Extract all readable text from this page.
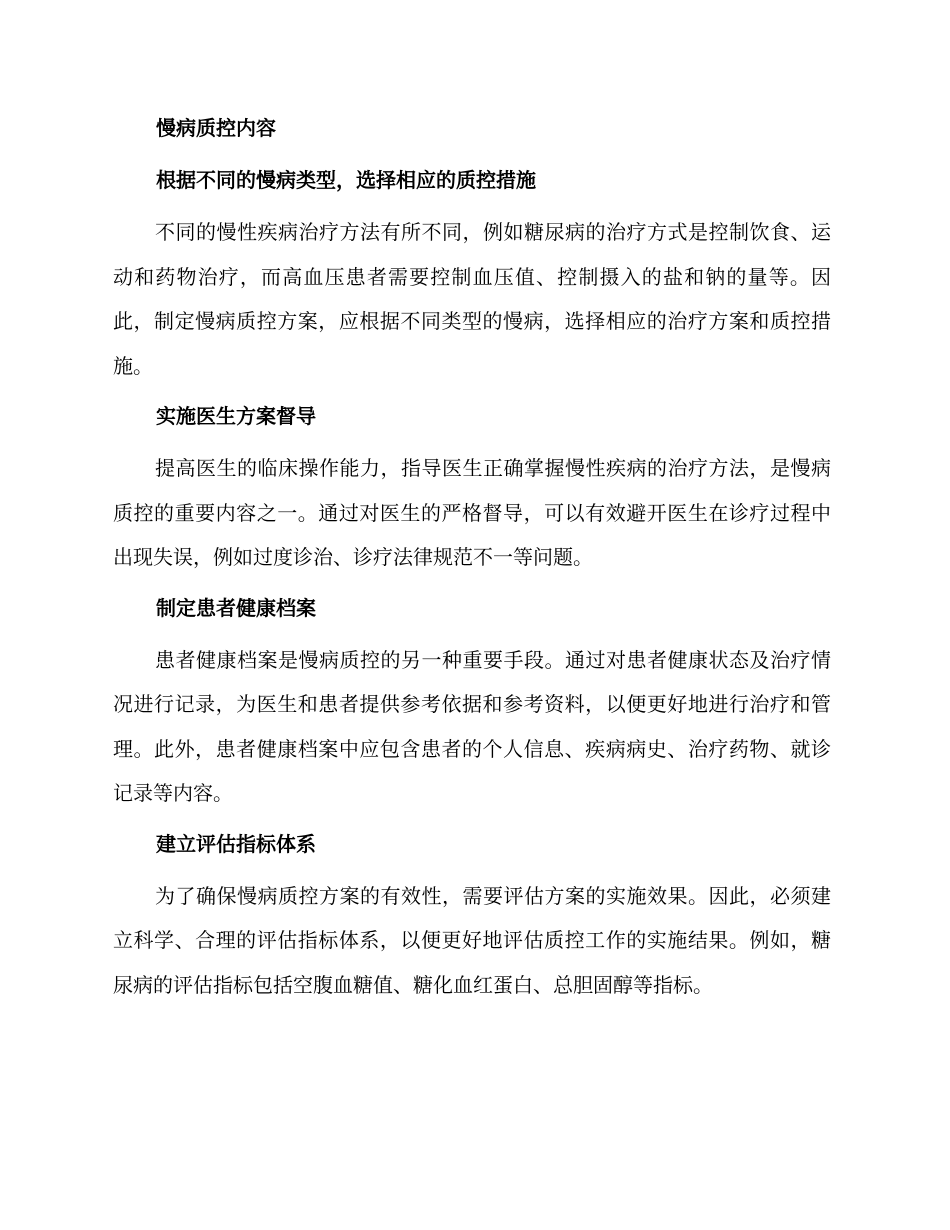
慢病质控内容
根据不同的慢病类型，选择相应的质控措施

不同的慢性疾病治疗方法有所不同，例如糖尿病的治疗方式是控制饮食、运动和药物治疗，而高血压患者需要控制血压值、控制摄入的盐和钠的量等。因此，制定慢病质控方案，应根据不同类型的慢病，选择相应的治疗方案和质控措施。

实施医生方案督导

提高医生的临床操作能力，指导医生正确掌握慢性疾病的治疗方法，是慢病质控的重要内容之一。通过对医生的严格督导，可以有效避开医生在诊疗过程中出现失误，例如过度诊治、诊疗法律规范不一等问题。

制定患者健康档案

患者健康档案是慢病质控的另一种重要手段。通过对患者健康状态及治疗情况进行记录，为医生和患者提供参考依据和参考资料，以便更好地进行治疗和管理。此外，患者健康档案中应包含患者的个人信息、疾病病史、治疗药物、就诊记录等内容。

建立评估指标体系

为了确保慢病质控方案的有效性，需要评估方案的实施效果。因此，必须建立科学、合理的评估指标体系，以便更好地评估质控工作的实施结果。例如，糖尿病的评估指标包括空腹血糖值、糖化血红蛋白、总胆固醇等指标。
